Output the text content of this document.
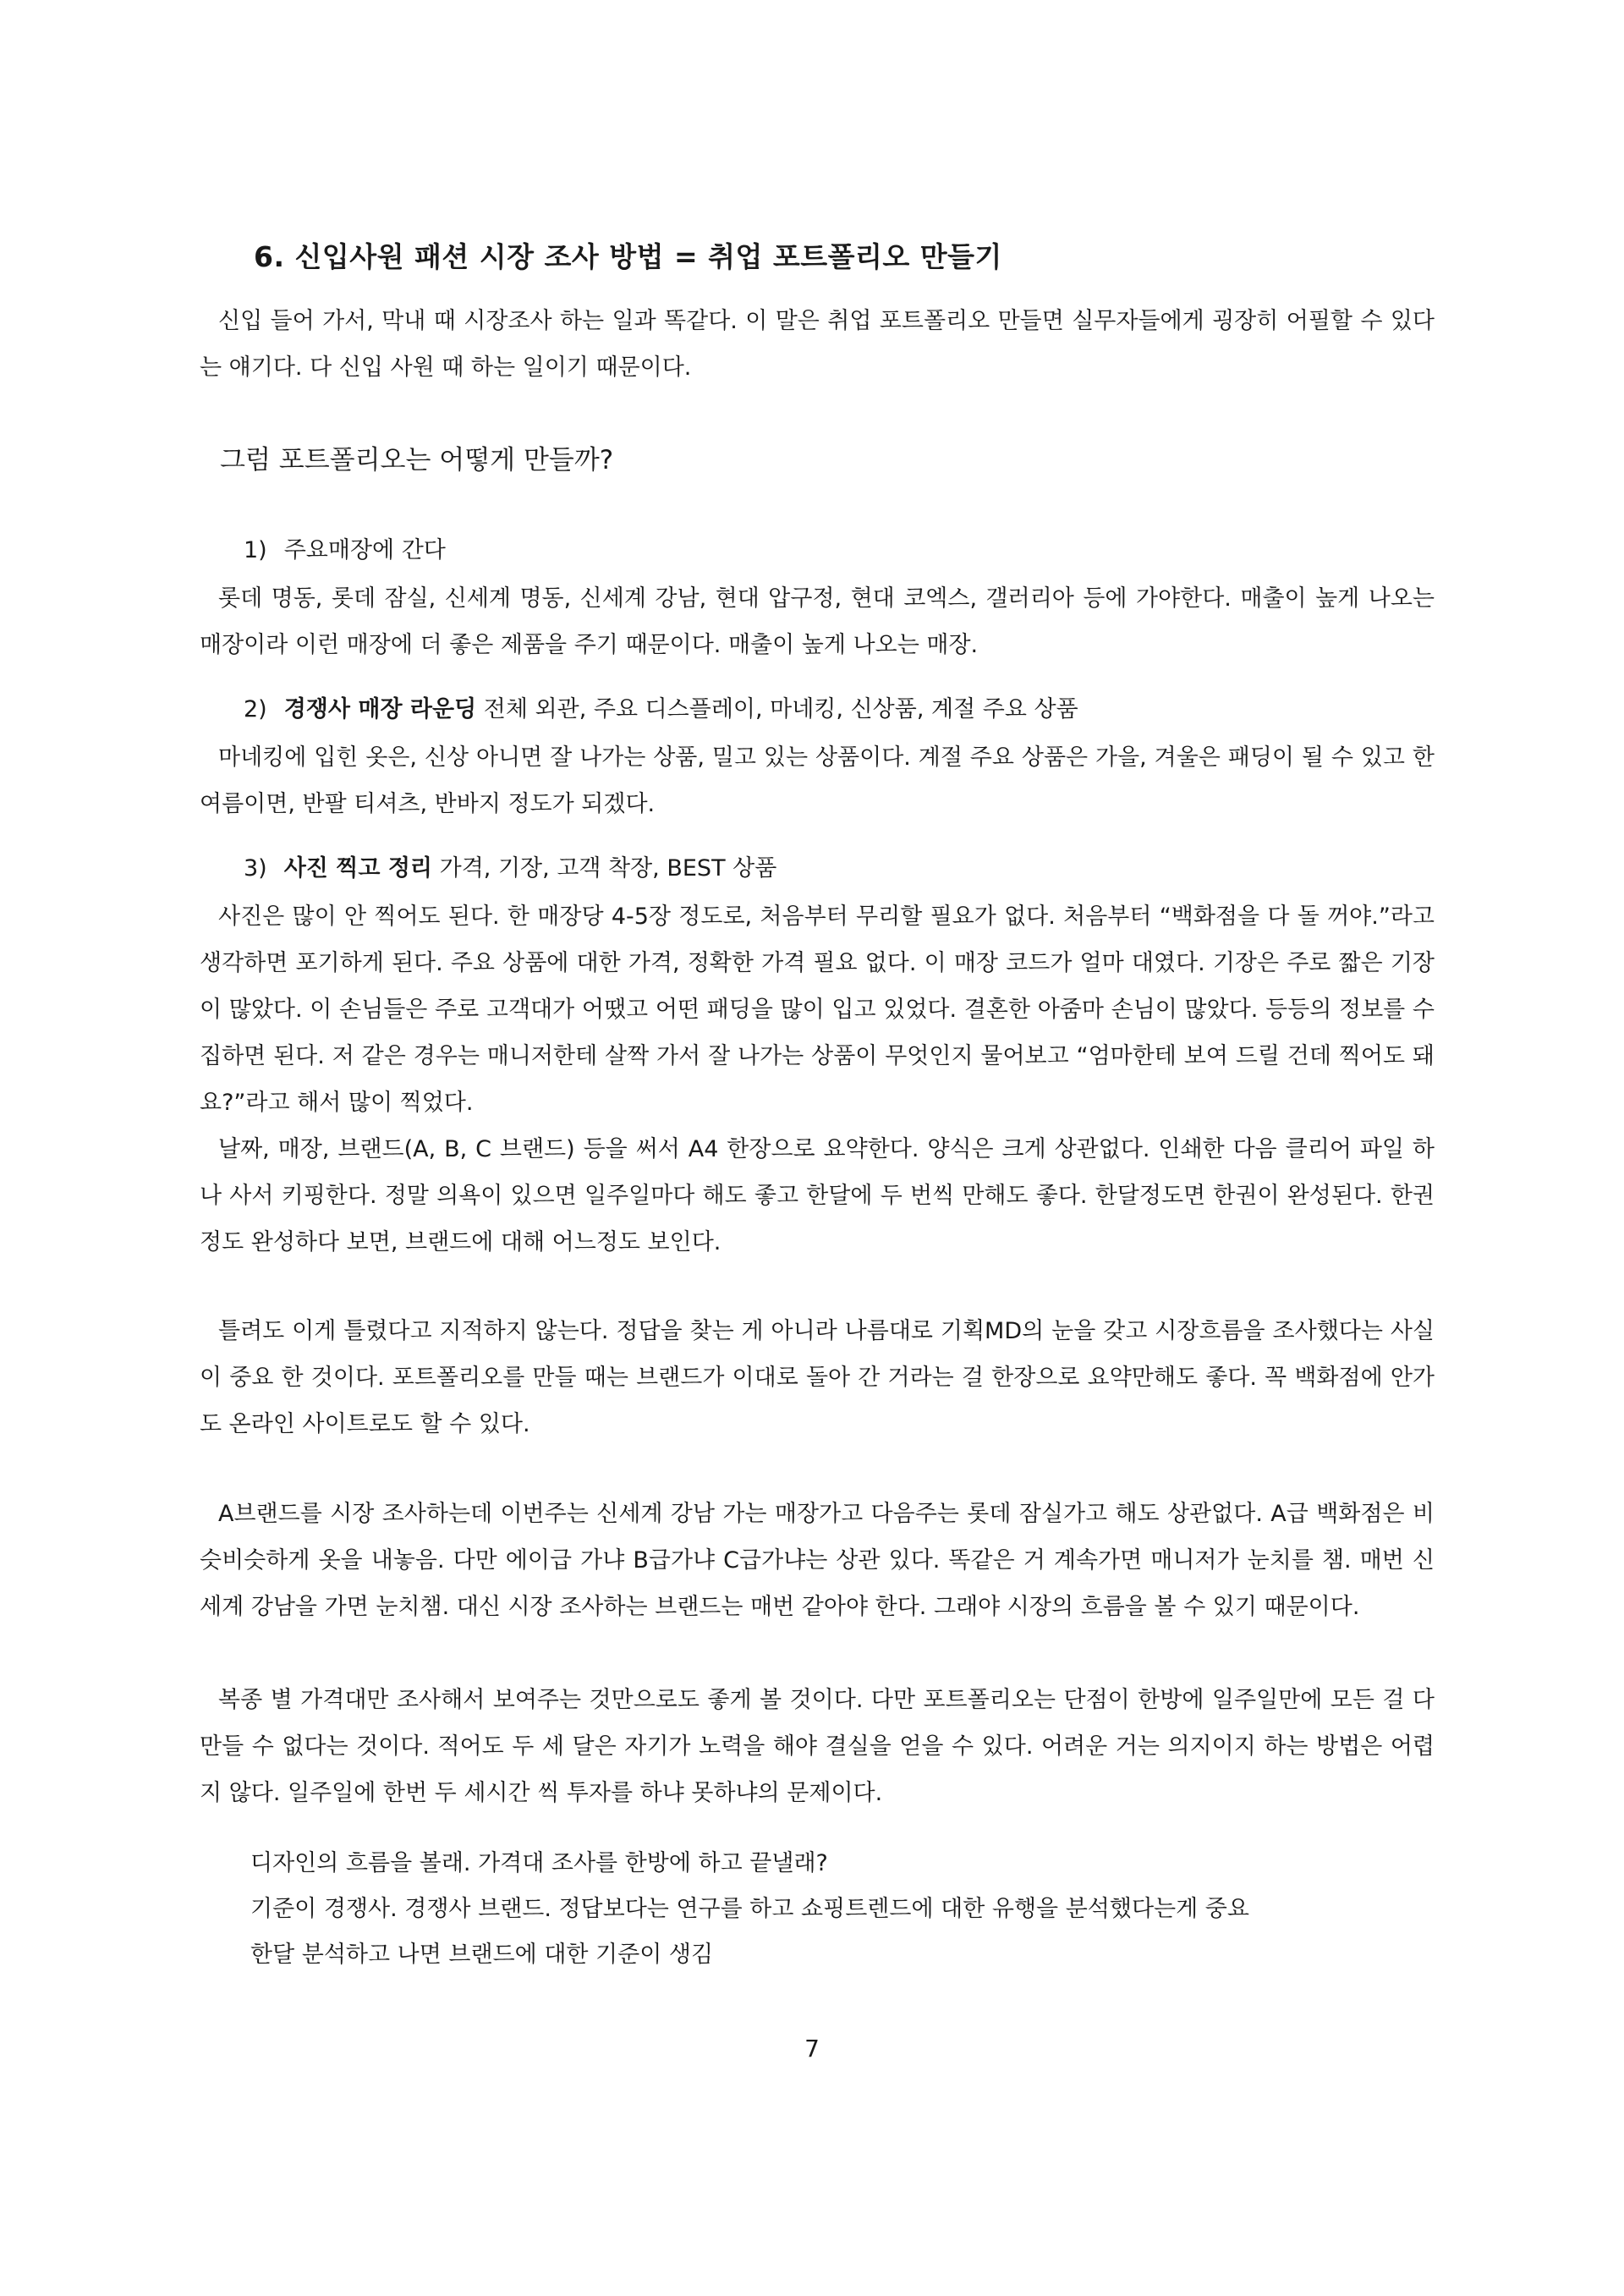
6. 신입사원 패션 시장 조사 방법 = 취업 포트폴리오 만들기

신입 들어 가서, 막내 때 시장조사 하는 일과 똑같다. 이 말은 취업 포트폴리오 만들면 실무자들에게 굉장히 어필할 수 있다는 얘기다. 다 신입 사원 때 하는 일이기 때문이다.

그럼 포트폴리오는 어떻게 만들까?
1) 주요매장에 간다

롯데 명동, 롯데 잠실, 신세계 명동, 신세계 강남, 현대 압구정, 현대 코엑스, 갤러리아 등에 가야한다. 매출이 높게 나오는 매장이라 이런 매장에 더 좋은 제품을 주기 때문이다. 매출이 높게 나오는 매장.

2) 경쟁사 매장 라운딩 전체 외관, 주요 디스플레이, 마네킹, 신상품, 계절 주요 상품

마네킹에 입힌 옷은, 신상 아니면 잘 나가는 상품, 밀고 있는 상품이다. 계절 주요 상품은 가을, 겨울은 패딩이 될 수 있고 한 여름이면, 반팔 티셔츠, 반바지 정도가 되겠다.

3) 사진 찍고 정리 가격, 기장, 고객 착장, BEST 상품

사진은 많이 안 찍어도 된다. 한 매장당 4-5장 정도로, 처음부터 무리할 필요가 없다. 처음부터 “백화점을 다 돌 꺼야.”라고 생각하면 포기하게 된다. 주요 상품에 대한 가격, 정확한 가격 필요 없다. 이 매장 코드가 얼마 대였다. 기장은 주로 짧은 기장이 많았다. 이 손님들은 주로 고객대가 어땠고 어떤 패딩을 많이 입고 있었다. 결혼한 아줌마 손님이 많았다. 등등의 정보를 수집하면 된다. 저 같은 경우는 매니저한테 살짝 가서 잘 나가는 상품이 무엇인지 물어보고 “엄마한테 보여 드릴 건데 찍어도 돼요?”라고 해서 많이 찍었다.

날짜, 매장, 브랜드(A, B, C 브랜드) 등을 써서 A4 한장으로 요약한다. 양식은 크게 상관없다. 인쇄한 다음 클리어 파일 하나 사서 키핑한다. 정말 의욕이 있으면 일주일마다 해도 좋고 한달에 두 번씩 만해도 좋다. 한달정도면 한권이 완성된다. 한권정도 완성하다 보면, 브랜드에 대해 어느정도 보인다.

틀려도 이게 틀렸다고 지적하지 않는다. 정답을 찾는 게 아니라 나름대로 기획MD의 눈을 갖고 시장흐름을 조사했다는 사실이 중요 한 것이다. 포트폴리오를 만들 때는 브랜드가 이대로 돌아 간 거라는 걸 한장으로 요약만해도 좋다. 꼭 백화점에 안가도 온라인 사이트로도 할 수 있다.

A브랜드를 시장 조사하는데 이번주는 신세계 강남 가는 매장가고 다음주는 롯데 잠실가고 해도 상관없다. A급 백화점은 비슷비슷하게 옷을 내놓음. 다만 에이급 가냐 B급가냐 C급가냐는 상관 있다. 똑같은 거 계속가면 매니저가 눈치를 챔. 매번 신세계 강남을 가면 눈치챔. 대신 시장 조사하는 브랜드는 매번 같아야 한다. 그래야 시장의 흐름을 볼 수 있기 때문이다.

복종 별 가격대만 조사해서 보여주는 것만으로도 좋게 볼 것이다. 다만 포트폴리오는 단점이 한방에 일주일만에 모든 걸 다 만들 수 없다는 것이다. 적어도 두 세 달은 자기가 노력을 해야 결실을 얻을 수 있다. 어려운 거는 의지이지 하는 방법은 어렵지 않다. 일주일에 한번 두 세시간 씩 투자를 하냐 못하냐의 문제이다.

디자인의 흐름을 볼래. 가격대 조사를 한방에 하고 끝낼래?
기준이 경쟁사. 경쟁사 브랜드. 정답보다는 연구를 하고 쇼핑트렌드에 대한 유행을 분석했다는게 중요
한달 분석하고 나면 브랜드에 대한 기준이 생김
7
